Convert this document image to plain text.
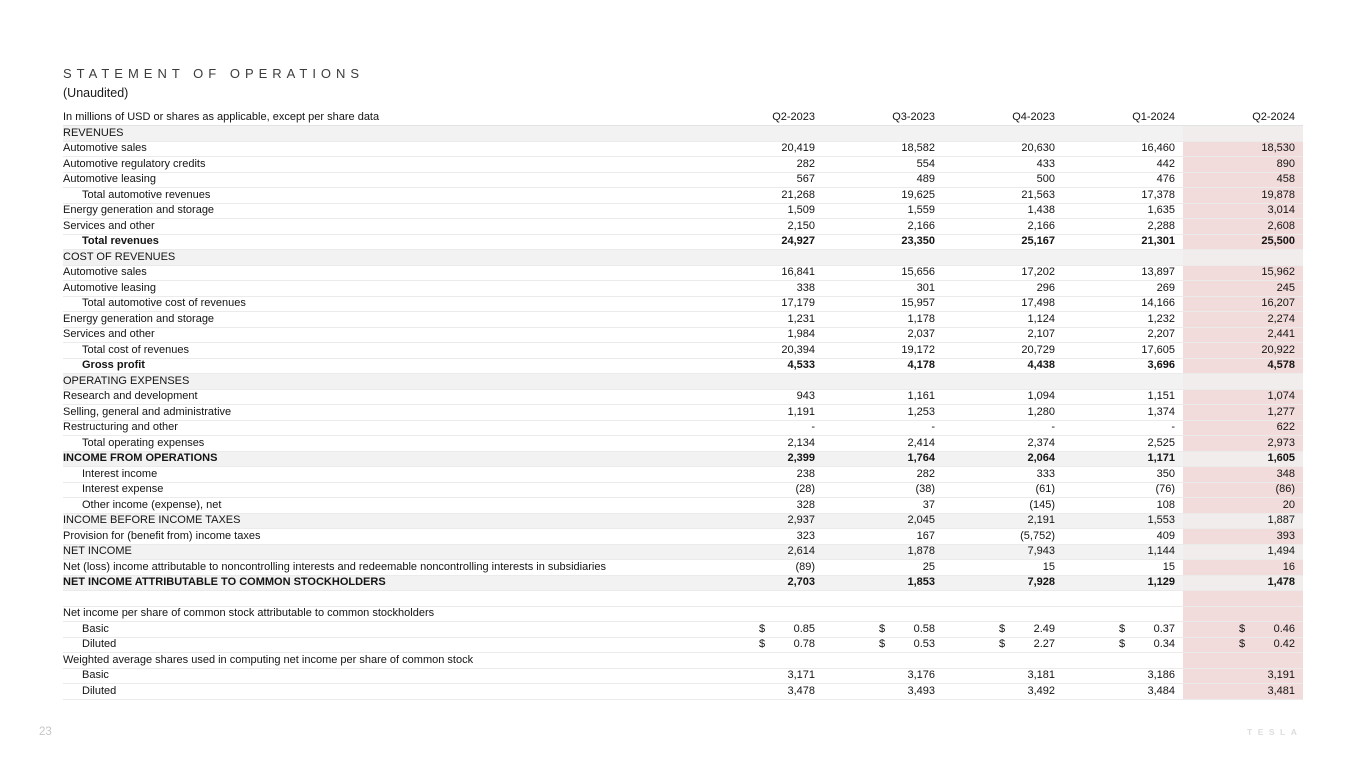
STATEMENT OF OPERATIONS
(Unaudited)
In millions of USD or shares as applicable, except per share data	Q2-2023	Q3-2023	Q4-2023	Q1-2024	Q2-2024
REVENUES
Automotive sales	20,419	18,582	20,630	16,460	18,530
Automotive regulatory credits	282	554	433	442	890
Automotive leasing	567	489	500	476	458
Total automotive revenues	21,268	19,625	21,563	17,378	19,878
Energy generation and storage	1,509	1,559	1,438	1,635	3,014
Services and other	2,150	2,166	2,166	2,288	2,608
Total revenues	24,927	23,350	25,167	21,301	25,500
COST OF REVENUES
Automotive sales	16,841	15,656	17,202	13,897	15,962
Automotive leasing	338	301	296	269	245
Total automotive cost of revenues	17,179	15,957	17,498	14,166	16,207
Energy generation and storage	1,231	1,178	1,124	1,232	2,274
Services and other	1,984	2,037	2,107	2,207	2,441
Total cost of revenues	20,394	19,172	20,729	17,605	20,922
Gross profit	4,533	4,178	4,438	3,696	4,578
OPERATING EXPENSES
Research and development	943	1,161	1,094	1,151	1,074
Selling, general and administrative	1,191	1,253	1,280	1,374	1,277
Restructuring and other	-	-	-	-	622
Total operating expenses	2,134	2,414	2,374	2,525	2,973
INCOME FROM OPERATIONS	2,399	1,764	2,064	1,171	1,605
Interest income	238	282	333	350	348
Interest expense	(28)	(38)	(61)	(76)	(86)
Other income (expense), net	328	37	(145)	108	20
INCOME BEFORE INCOME TAXES	2,937	2,045	2,191	1,553	1,887
Provision for (benefit from) income taxes	323	167	(5,752)	409	393
NET INCOME	2,614	1,878	7,943	1,144	1,494
Net (loss) income attributable to noncontrolling interests and redeemable noncontrolling interests in subsidiaries	(89)	25	15	15	16
NET INCOME ATTRIBUTABLE TO COMMON STOCKHOLDERS	2,703	1,853	7,928	1,129	1,478
Net income per share of common stock attributable to common stockholders
Basic	$	0.85	$	0.58	$	2.49	$	0.37	$	0.46
Diluted	$	0.78	$	0.53	$	2.27	$	0.34	$	0.42
Weighted average shares used in computing net income per share of common stock
Basic	3,171	3,176	3,181	3,186	3,191
Diluted	3,478	3,493	3,492	3,484	3,481
23	TESLA
